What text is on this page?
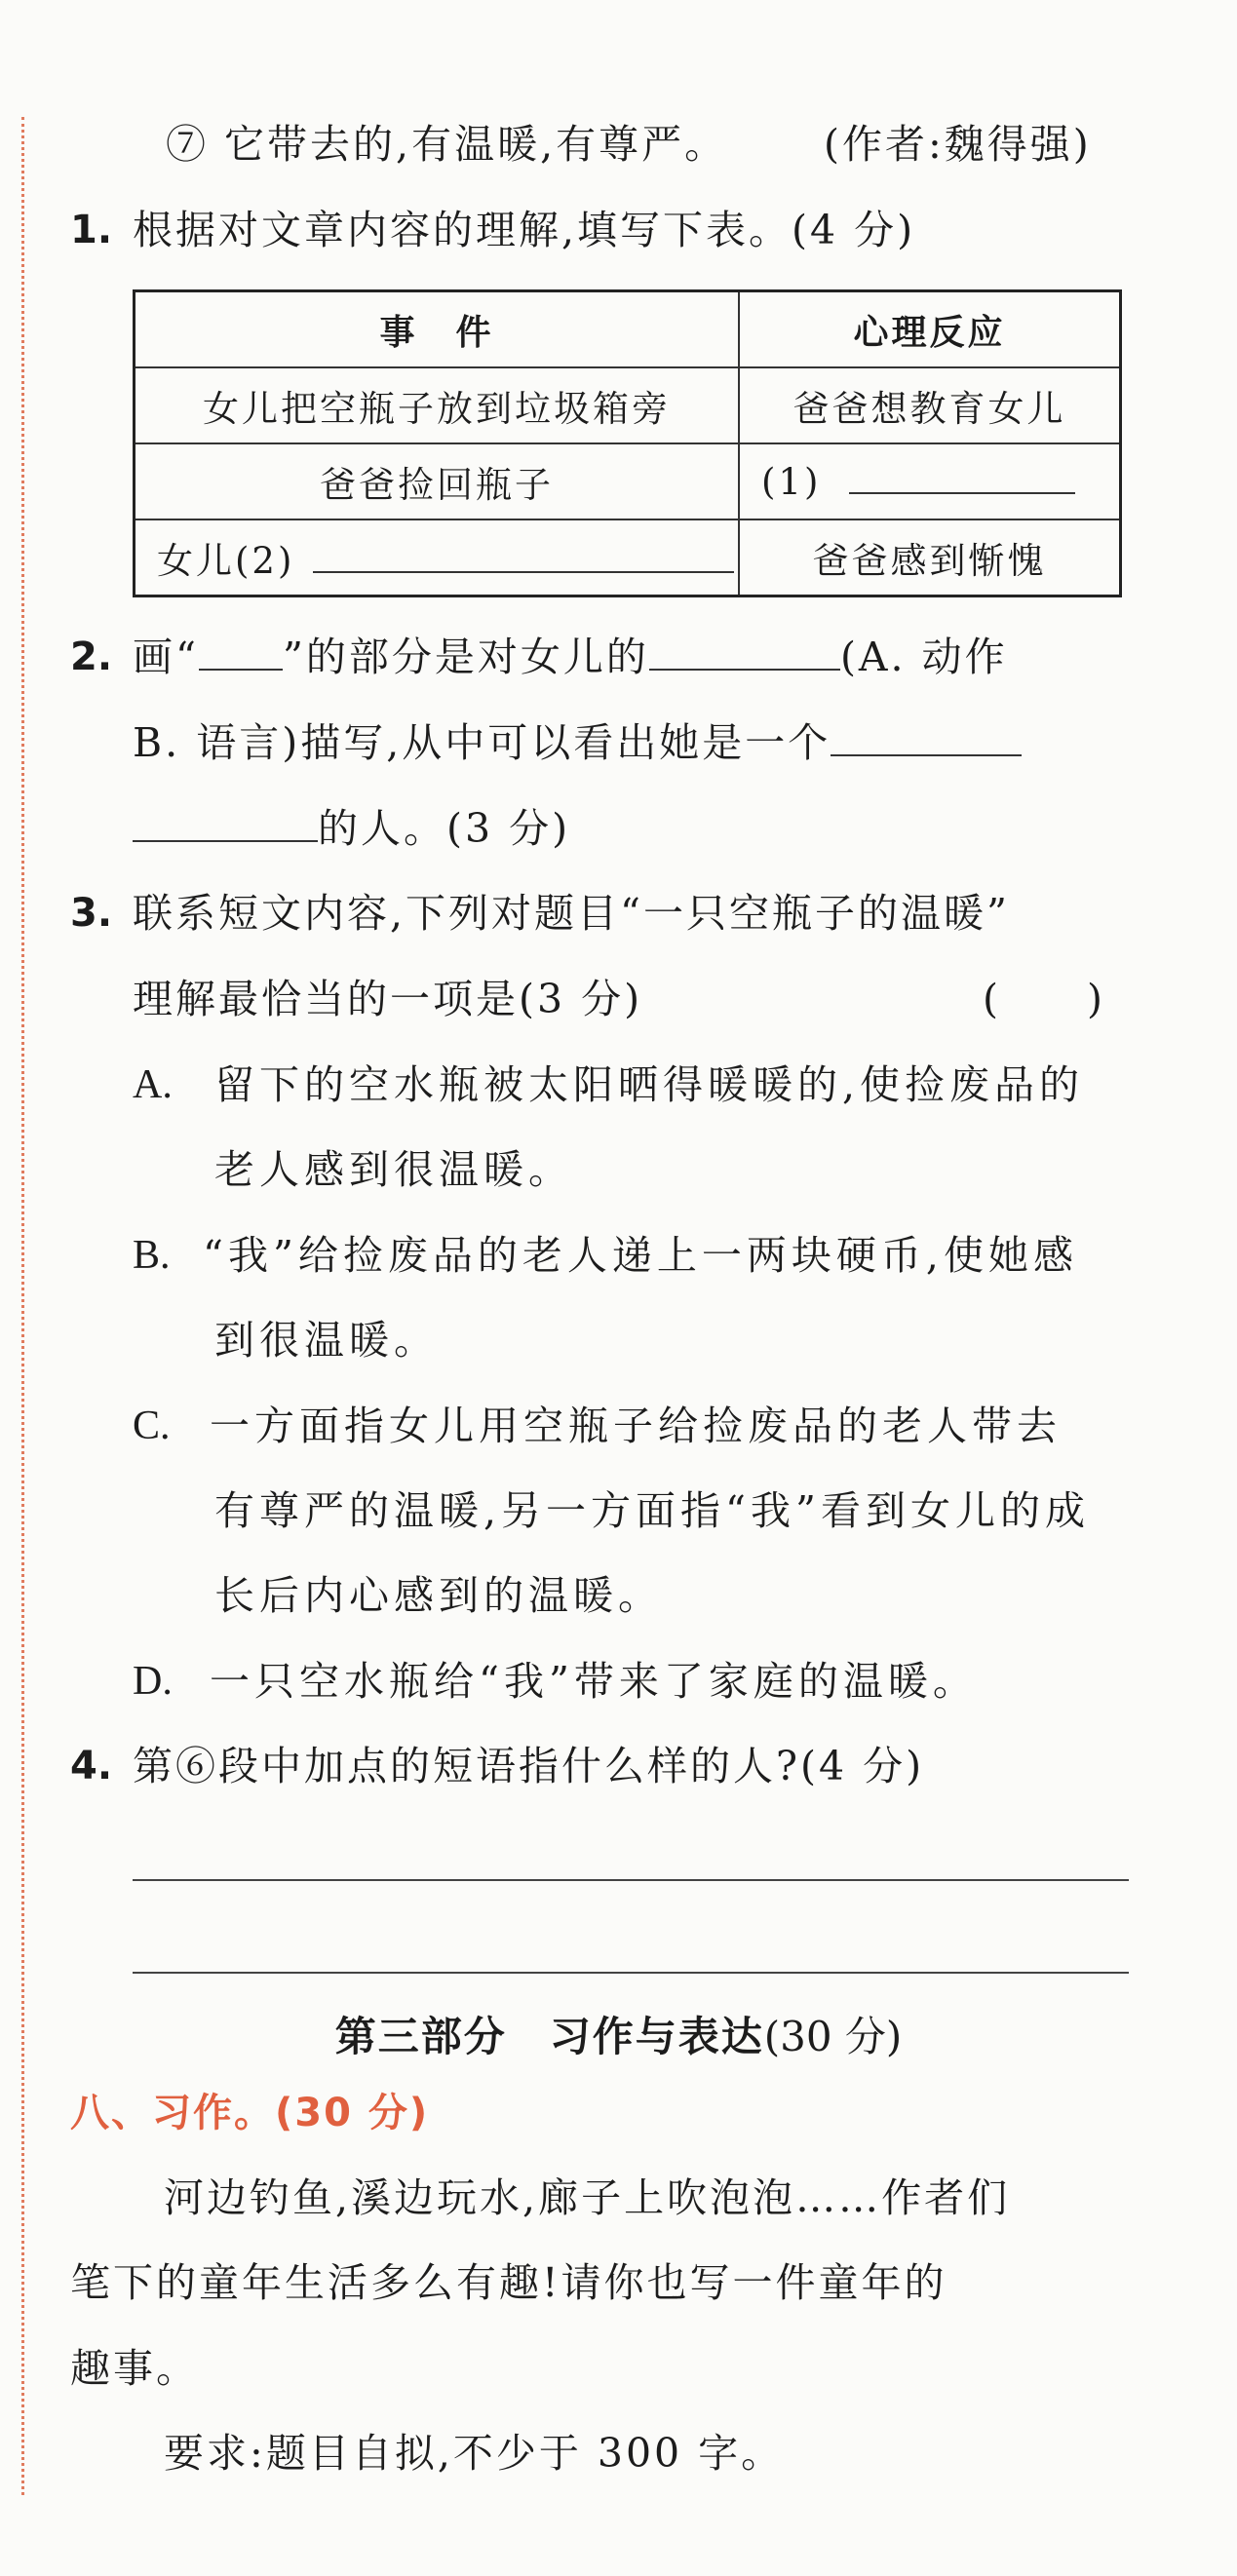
⑦ 它带去的,有温暖,有尊严。 (作者:魏得强)
1. 根据对文章内容的理解,填写下表。(4 分)
事　件	心理反应
女儿把空瓶子放到垃圾箱旁	爸爸想教育女儿
爸爸捡回瓶子	(1)
女儿(2)	爸爸感到惭愧
2. 画“ ”的部分是对女儿的	(A. 动作
B. 语言)描写,从中可以看出她是一个
的人。(3 分)
3. 联系短文内容,下列对题目“一只空瓶子的温暖”
理解最恰当的一项是(3 分)	(　　)
A. 留下的空水瓶被太阳晒得暖暖的,使捡废品的
老人感到很温暖。
B. “我”给捡废品的老人递上一两块硬币,使她感
到很温暖。
C. 一方面指女儿用空瓶子给捡废品的老人带去
有尊严的温暖,另一方面指“我”看到女儿的成
长后内心感到的温暖。
D. 一只空水瓶给“我”带来了家庭的温暖。
4. 第⑥段中加点的短语指什么样的人?(4 分)
第三部分　习作与表达(30 分)
八、习作。(30 分)
河边钓鱼,溪边玩水,廊子上吹泡泡……作者们
笔下的童年生活多么有趣!请你也写一件童年的
趣事。
要求:题目自拟,不少于 300 字。
